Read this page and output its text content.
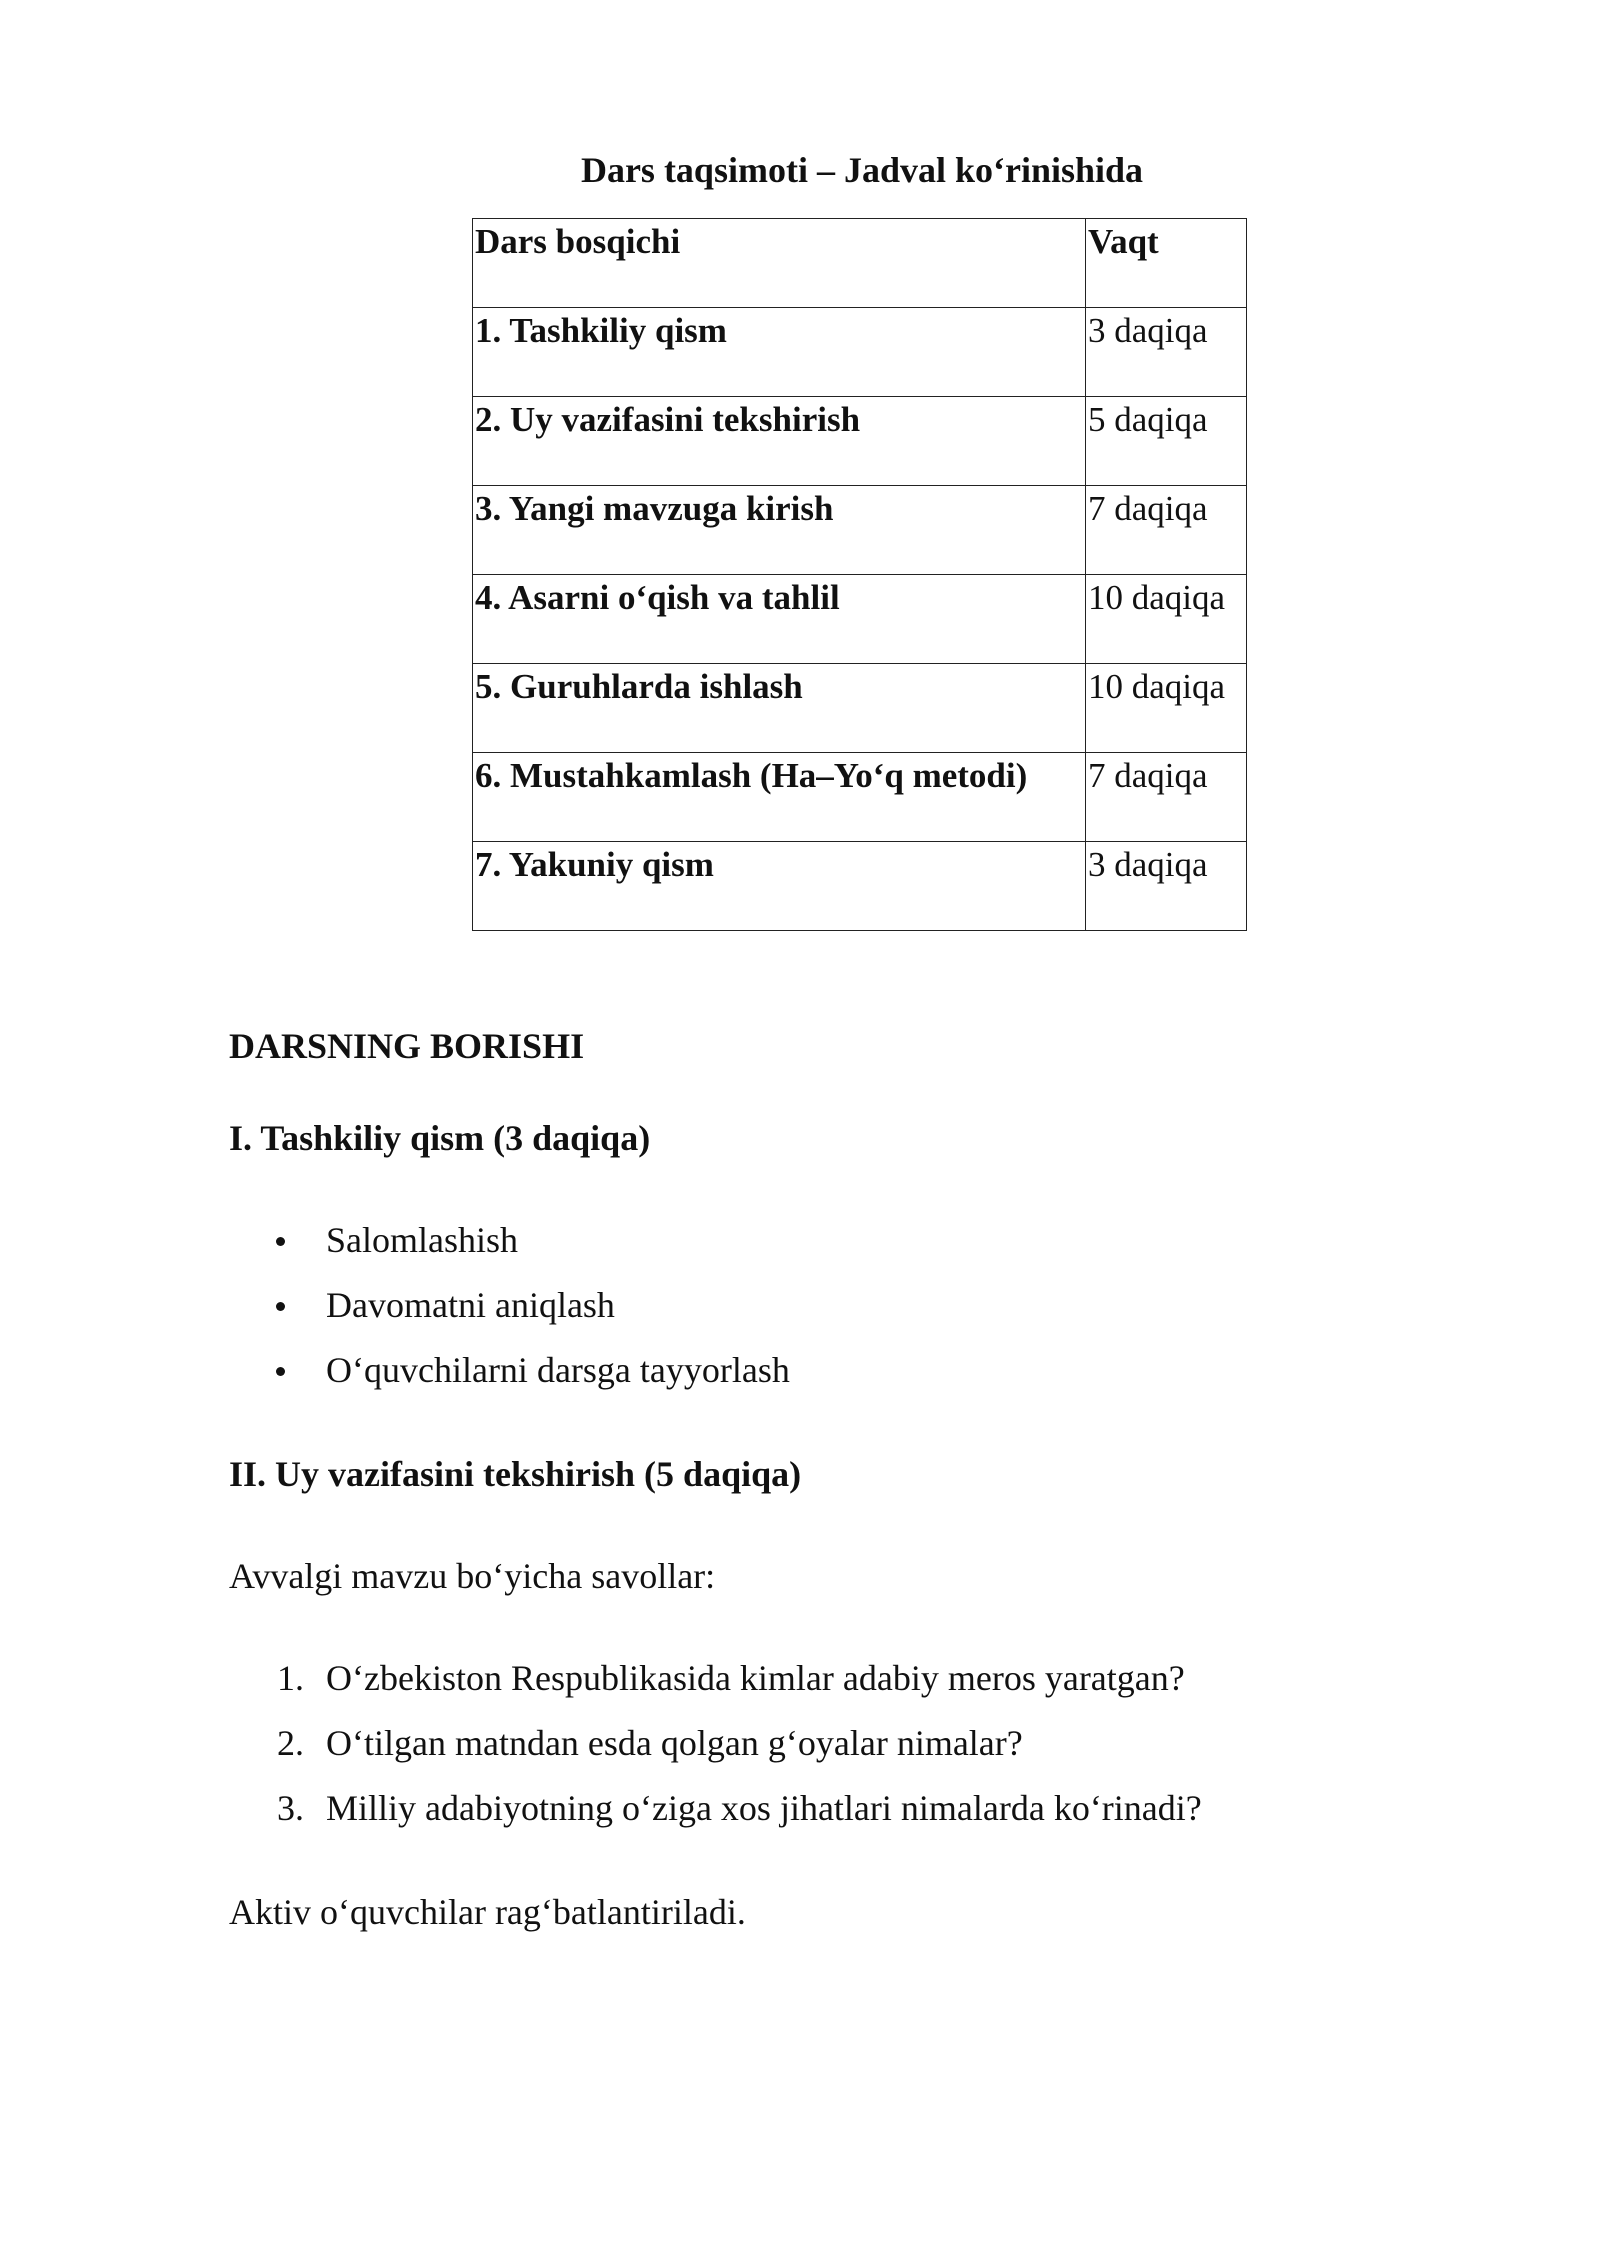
Dars taqsimoti – Jadval ko‘rinishida
Dars bosqichi	Vaqt
1. Tashkiliy qism	3 daqiqa
2. Uy vazifasini tekshirish	5 daqiqa
3. Yangi mavzuga kirish	7 daqiqa
4. Asarni o‘qish va tahlil	10 daqiqa
5. Guruhlarda ishlash	10 daqiqa
6. Mustahkamlash (Ha–Yo‘q metodi)	7 daqiqa
7. Yakuniy qism	3 daqiqa
DARSNING BORISHI
I. Tashkiliy qism (3 daqiqa)
Salomlashish
Davomatni aniqlash
O‘quvchilarni darsga tayyorlash
II. Uy vazifasini tekshirish (5 daqiqa)
Avvalgi mavzu bo‘yicha savollar:
1. O‘zbekiston Respublikasida kimlar adabiy meros yaratgan?
2. O‘tilgan matndan esda qolgan g‘oyalar nimalar?
3. Milliy adabiyotning o‘ziga xos jihatlari nimalarda ko‘rinadi?
Aktiv o‘quvchilar rag‘batlantiriladi.
